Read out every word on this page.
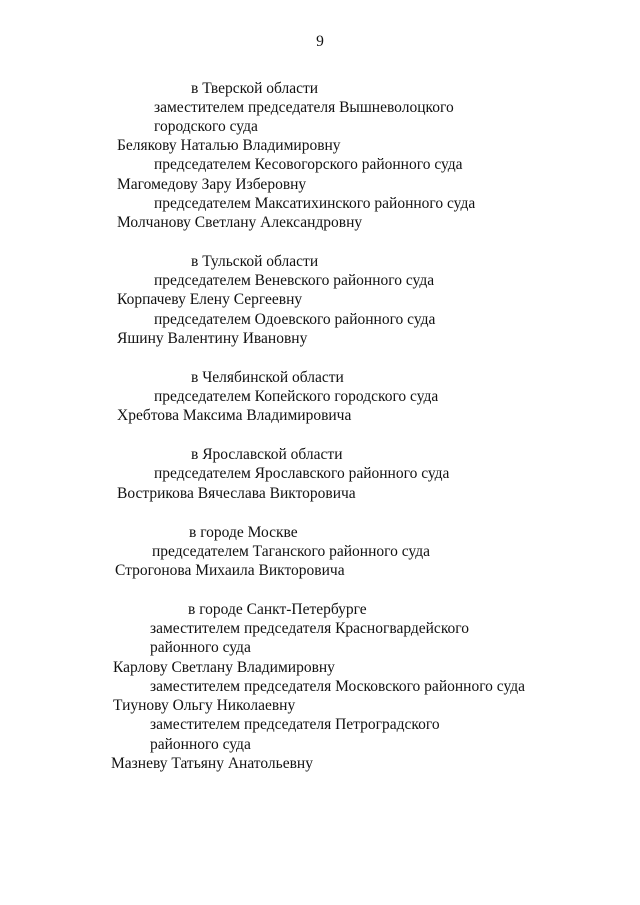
9
в Тверской области
заместителем председателя Вышневолоцкого
городского суда
Белякову Наталью Владимировну
председателем Кесовогорского районного суда
Магомедову Зару Изберовну
председателем Максатихинского районного суда
Молчанову Светлану Александровну
в Тульской области
председателем Веневского районного суда
Корпачеву Елену Сергеевну
председателем Одоевского районного суда
Яшину Валентину Ивановну
в Челябинской области
председателем Копейского городского суда
Хребтова Максима Владимировича
в Ярославской области
председателем Ярославского районного суда
Вострикова Вячеслава Викторовича
в городе Москве
председателем Таганского районного суда
Строгонова Михаила Викторовича
в городе Санкт-Петербурге
заместителем председателя Красногвардейского
районного суда
Карлову Светлану Владимировну
заместителем председателя Московского районного суда
Тиунову Ольгу Николаевну
заместителем председателя Петроградского
районного суда
Мазневу Татьяну Анатольевну
